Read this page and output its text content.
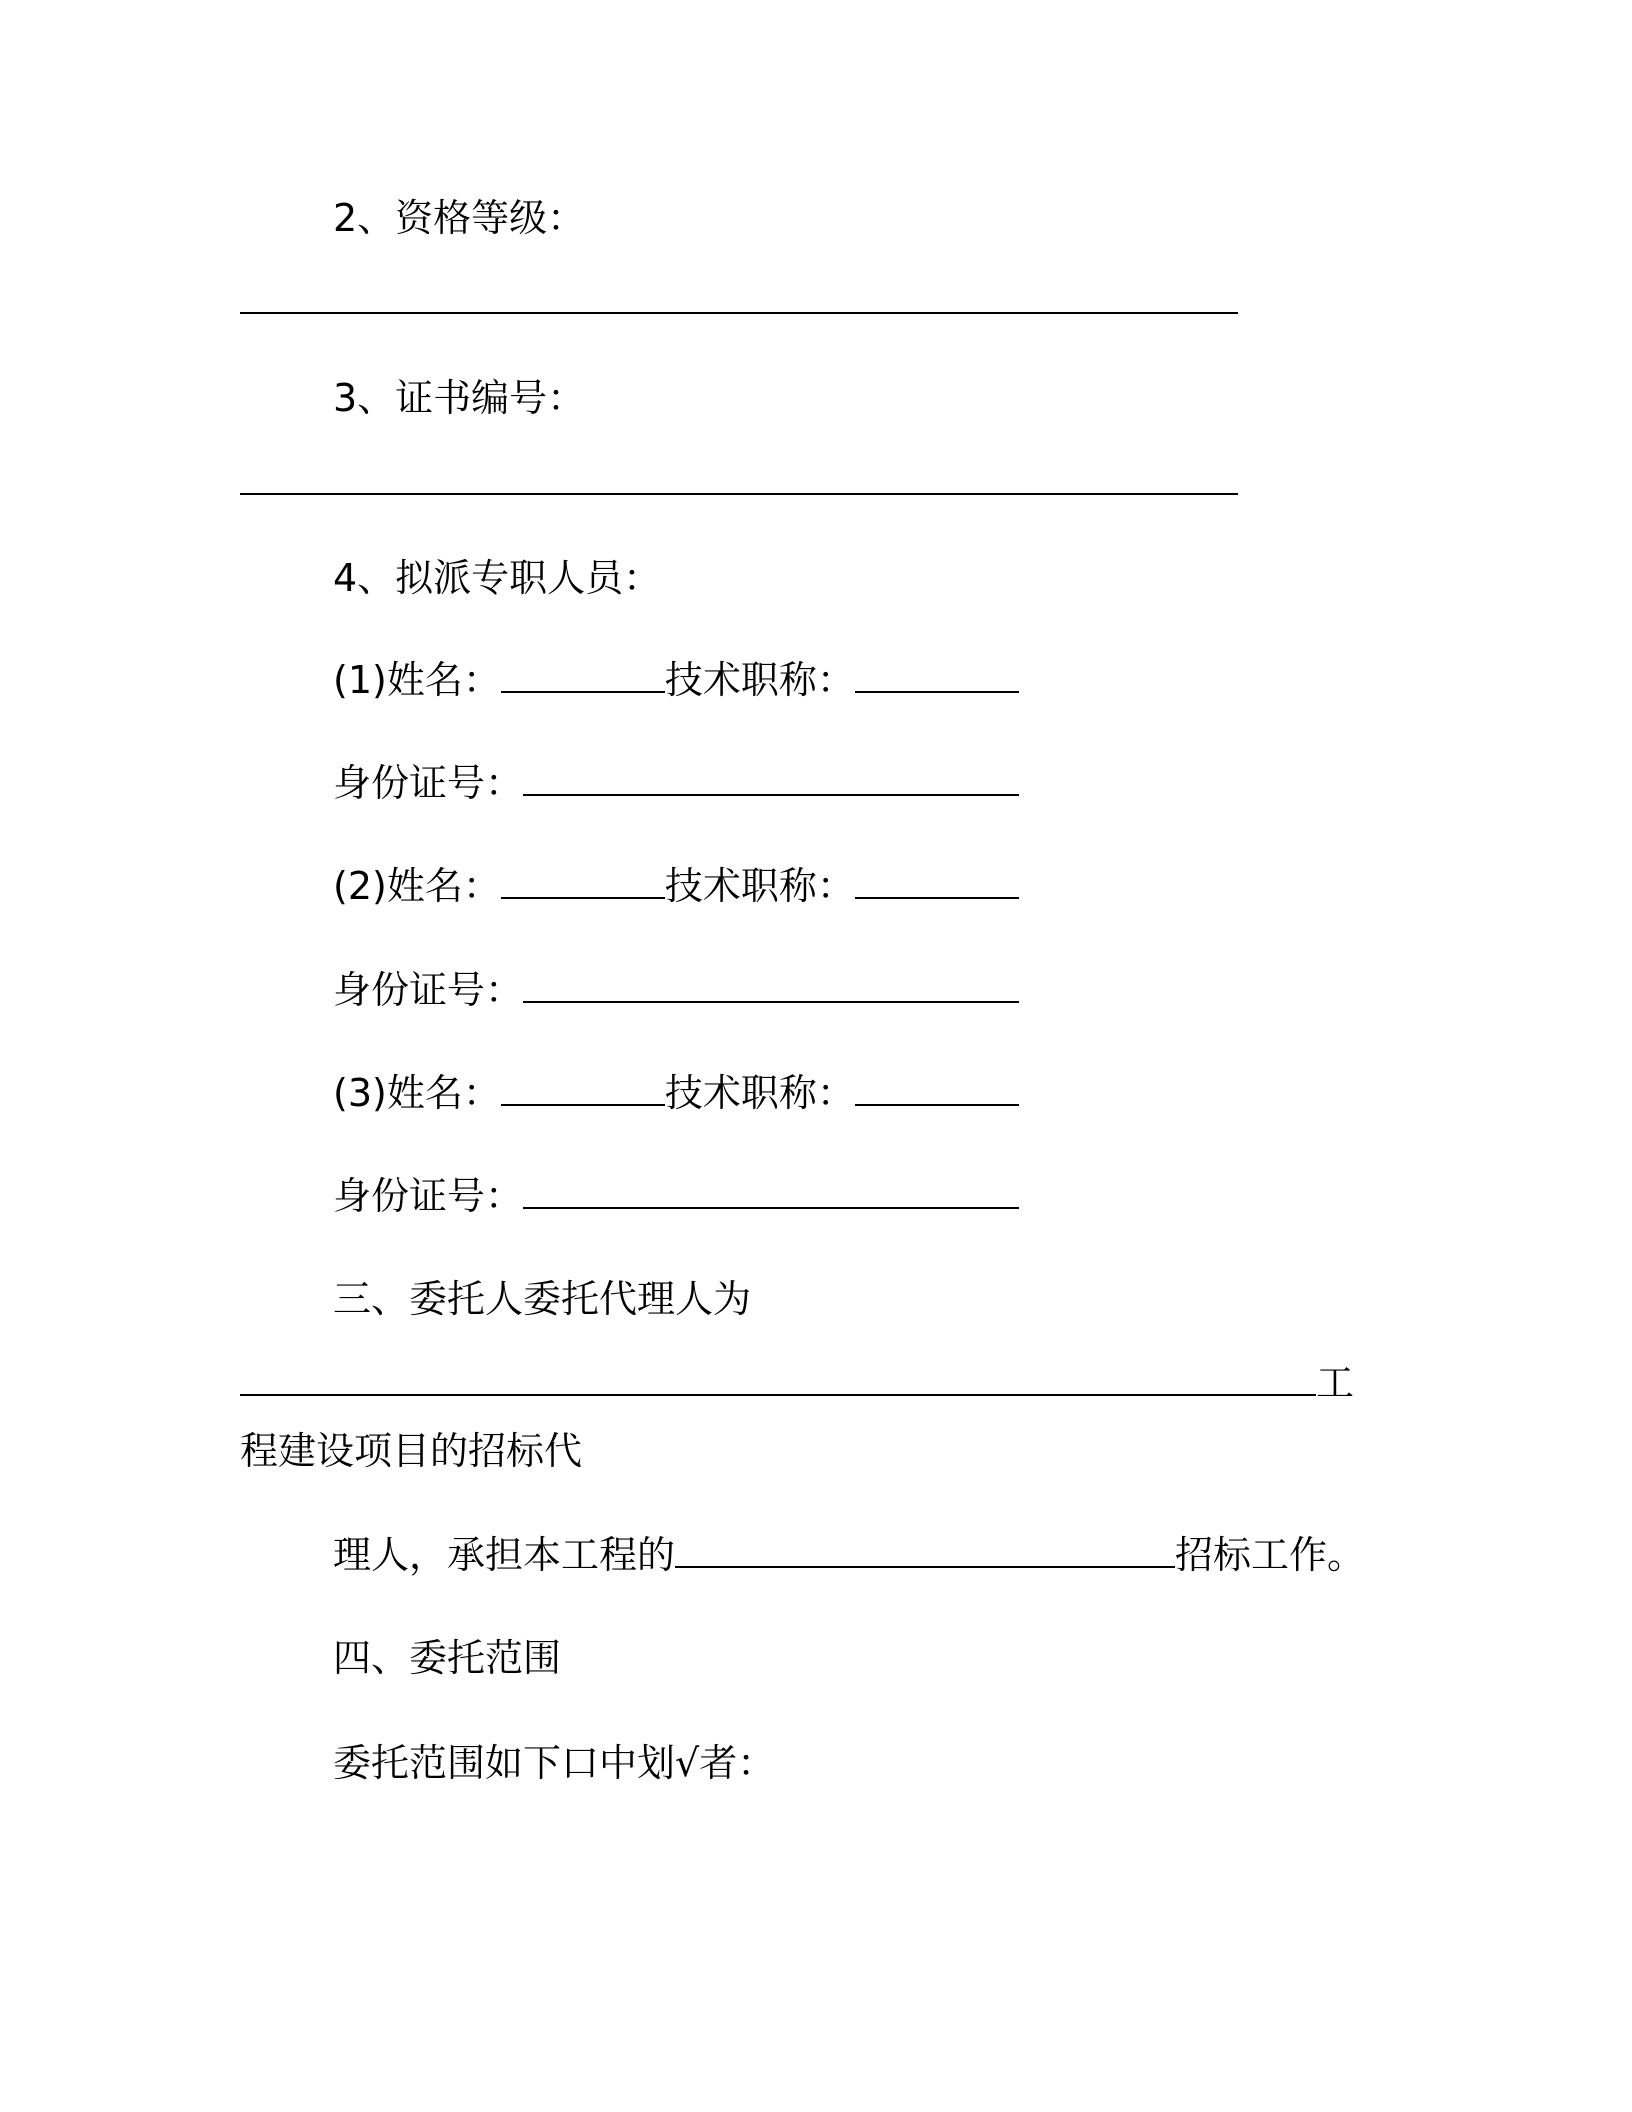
2、资格等级：
3、证书编号：
4、拟派专职人员：
(1)姓名：	技术职称：
身份证号：
(2)姓名：	技术职称：
身份证号：
(3)姓名：	技术职称：
身份证号：
三、委托人委托代理人为
工
程建设项目的招标代
理人，承担本工程的	招标工作。
四、委托范围
委托范围如下口中划√者：
